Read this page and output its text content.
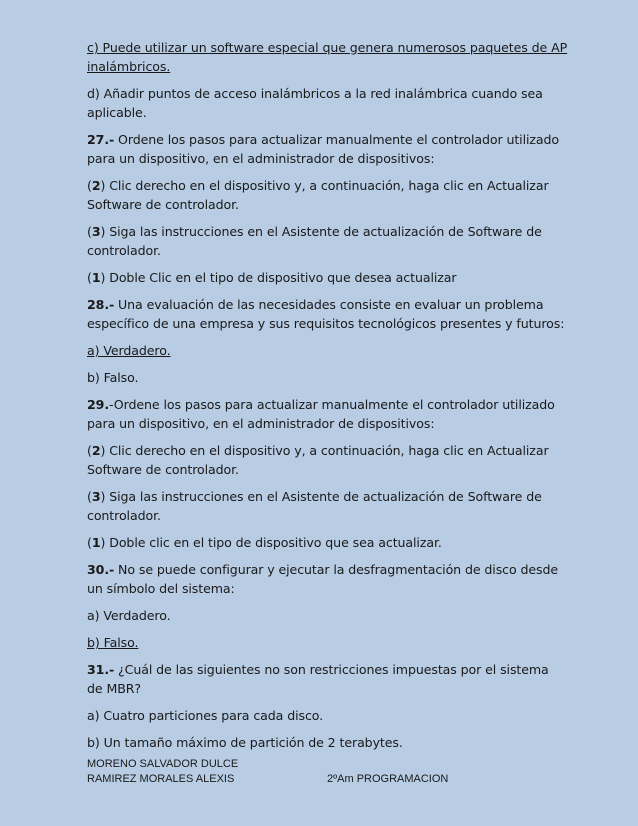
c) Puede utilizar un software especial que genera numerosos paquetes de AP inalámbricos.

d) Añadir puntos de acceso inalámbricos a la red inalámbrica cuando sea aplicable.

27.- Ordene los pasos para actualizar manualmente el controlador utilizado para un dispositivo, en el administrador de dispositivos:

(2) Clic derecho en el dispositivo y, a continuación, haga clic en Actualizar Software de controlador.

(3) Siga las instrucciones en el Asistente de actualización de Software de controlador.

(1) Doble Clic en el tipo de dispositivo que desea actualizar

28.- Una evaluación de las necesidades consiste en evaluar un problema específico de una empresa y sus requisitos tecnológicos presentes y futuros:

a) Verdadero.

b) Falso.

29.-Ordene los pasos para actualizar manualmente el controlador utilizado para un dispositivo, en el administrador de dispositivos:

(2) Clic derecho en el dispositivo y, a continuación, haga clic en Actualizar Software de controlador.

(3) Siga las instrucciones en el Asistente de actualización de Software de controlador.

(1) Doble clic en el tipo de dispositivo que sea actualizar.

30.- No se puede configurar y ejecutar la desfragmentación de disco desde un símbolo del sistema:

a) Verdadero.

b) Falso.

31.- ¿Cuál de las siguientes no son restricciones impuestas por el sistema de MBR?

a) Cuatro particiones para cada disco.

b) Un tamaño máximo de partición de 2 terabytes.

MORENO SALVADOR DULCE
RAMIREZ MORALES ALEXIS	2ºAm PROGRAMACION
